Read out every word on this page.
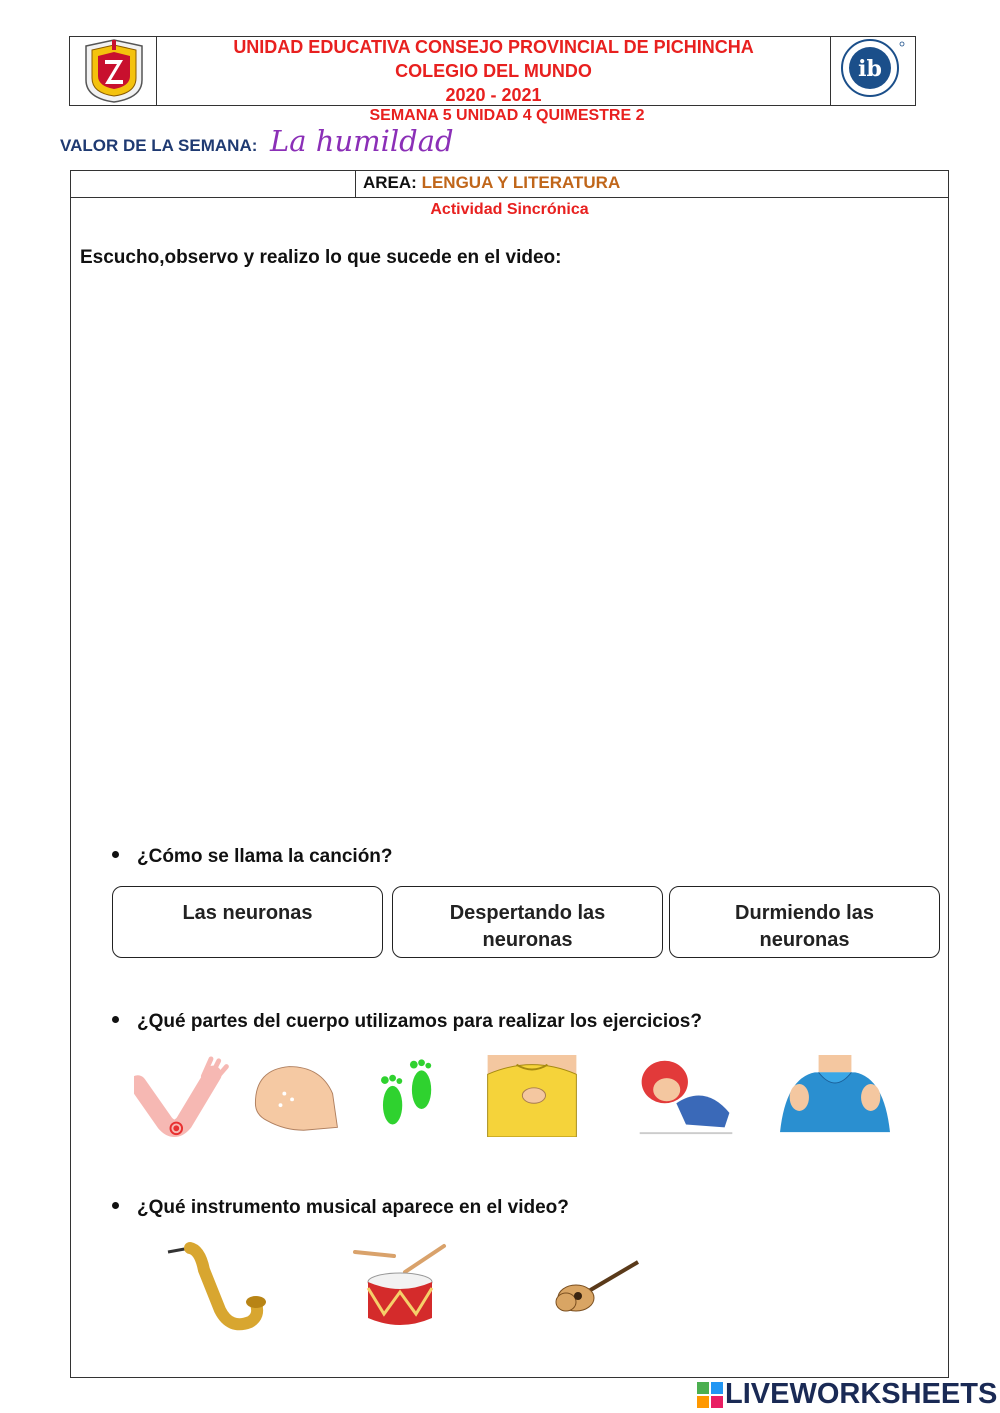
UNIDAD EDUCATIVA CONSEJO PROVINCIAL DE PICHINCHA
COLEGIO DEL MUNDO
2020 - 2021
ib
SEMANA 5 UNIDAD 4 QUIMESTRE 2
VALOR DE LA SEMANA: La humildad
AREA: LENGUA Y LITERATURA
Actividad Sincrónica
Escucho,observo y realizo lo que sucede en el video:
¿Cómo se llama la canción?
Las neuronas	Despertando las
neuronas
Durmiendo las
neuronas
¿Qué partes del cuerpo utilizamos para realizar los ejercicios?
¿Qué instrumento musical aparece en el video?
LIVEWORKSHEETS
